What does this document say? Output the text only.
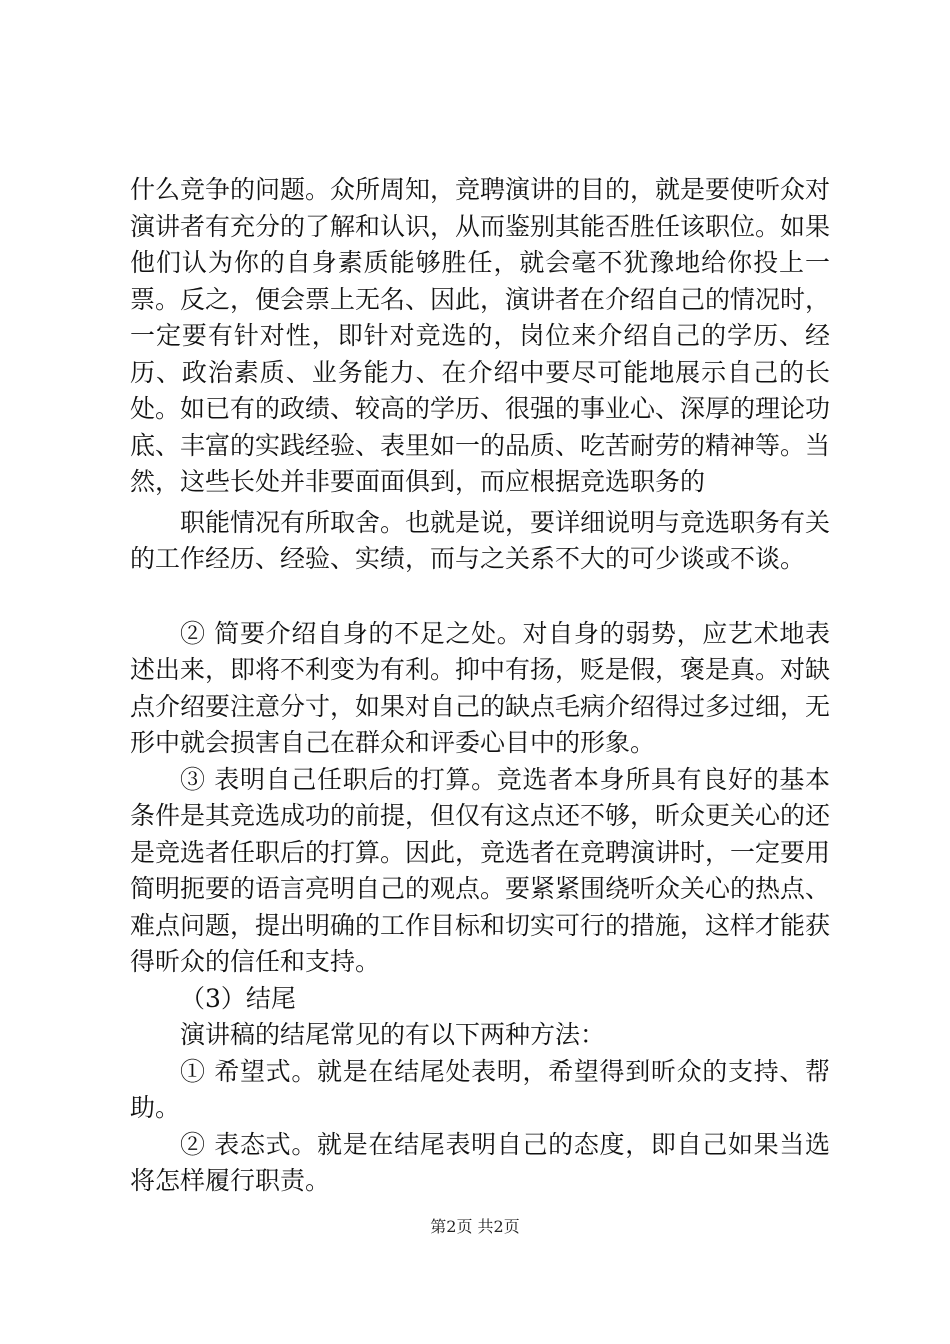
什么竞争的问题。众所周知，竞聘演讲的目的，就是要使听众对演讲者有充分的了解和认识，从而鉴别其能否胜任该职位。如果他们认为你的自身素质能够胜任，就会毫不犹豫地给你投上一票。反之，便会票上无名、因此，演讲者在介绍自己的情况时，一定要有针对性，即针对竞选的，岗位来介绍自己的学历、经历、政治素质、业务能力、在介绍中要尽可能地展示自己的长处。如已有的政绩、较高的学历、很强的事业心、深厚的理论功底、丰富的实践经验、表里如一的品质、吃苦耐劳的精神等。当然，这些长处并非要面面俱到，而应根据竞选职务的

职能情况有所取舍。也就是说，要详细说明与竞选职务有关的工作经历、经验、实绩，而与之关系不大的可少谈或不谈。

② 简要介绍自身的不足之处。对自身的弱势，应艺术地表述出来，即将不利变为有利。抑中有扬，贬是假，褒是真。对缺点介绍要注意分寸，如果对自己的缺点毛病介绍得过多过细，无形中就会损害自己在群众和评委心目中的形象。

③ 表明自己任职后的打算。竞选者本身所具有良好的基本条件是其竞选成功的前提，但仅有这点还不够，昕众更关心的还是竞选者任职后的打算。因此，竞选者在竞聘演讲时，一定要用简明扼要的语言亮明自己的观点。要紧紧围绕听众关心的热点、难点问题，提出明确的工作目标和切实可行的措施，这样才能获得昕众的信任和支持。

（3）结尾

演讲稿的结尾常见的有以下两种方法：

① 希望式。就是在结尾处表明，希望得到昕众的支持、帮助。

② 表态式。就是在结尾表明自己的态度，即自己如果当选将怎样履行职责。

第2页 共2页
